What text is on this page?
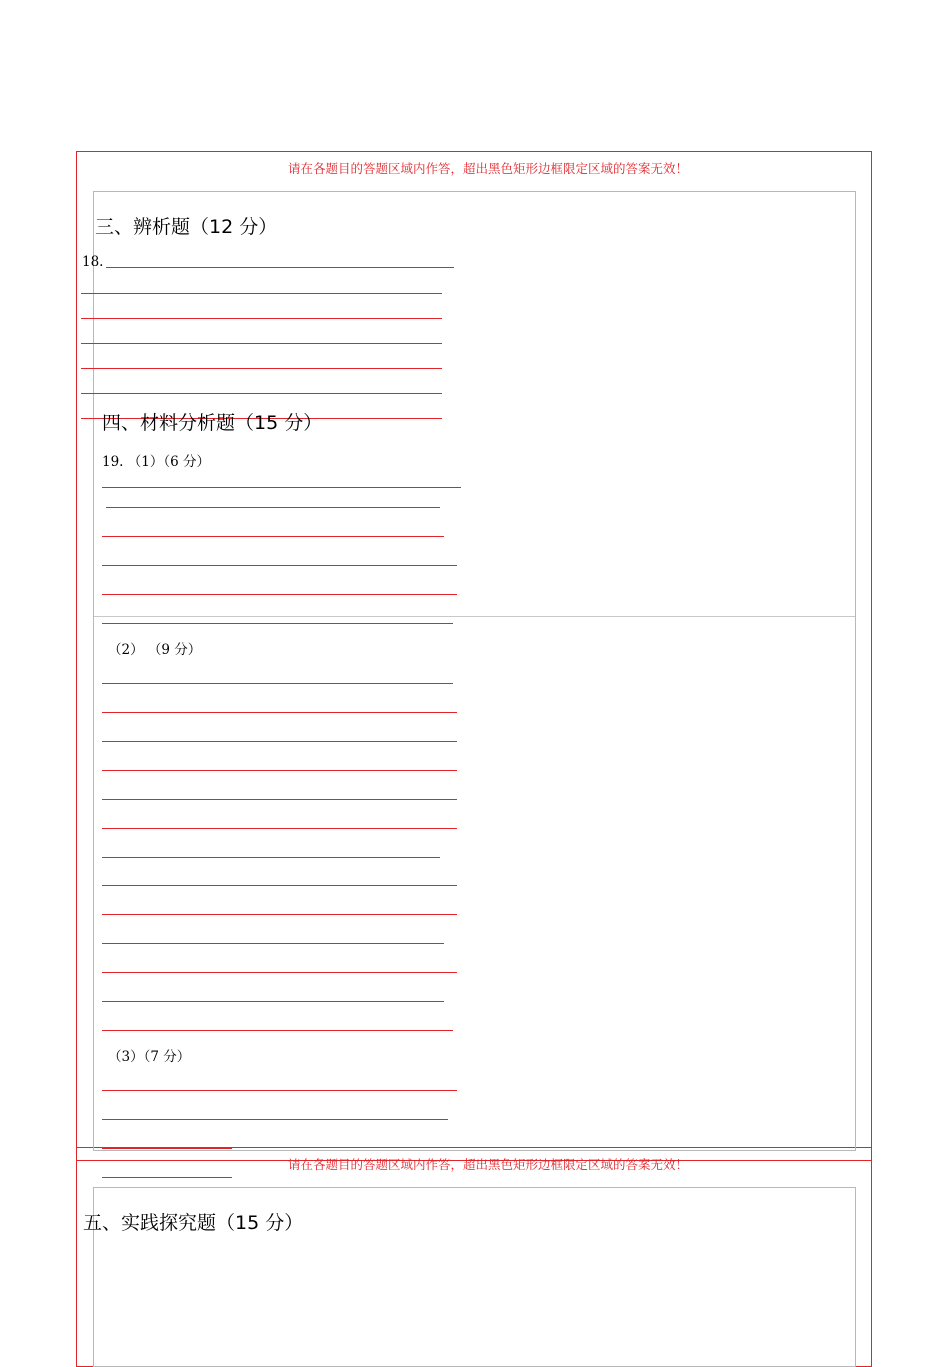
请在各题目的答题区域内作答，超出黑色矩形边框限定区域的答案无效！
请在各题目的答题区域内作答，超出黑色矩形边框限定区域的答案无效！
三、辨析题（12 分）
18.
四、材料分析题（15 分）
19. （1）（6 分）
（2） （9 分）
（3）（7 分）
五、实践探究题（15 分）
